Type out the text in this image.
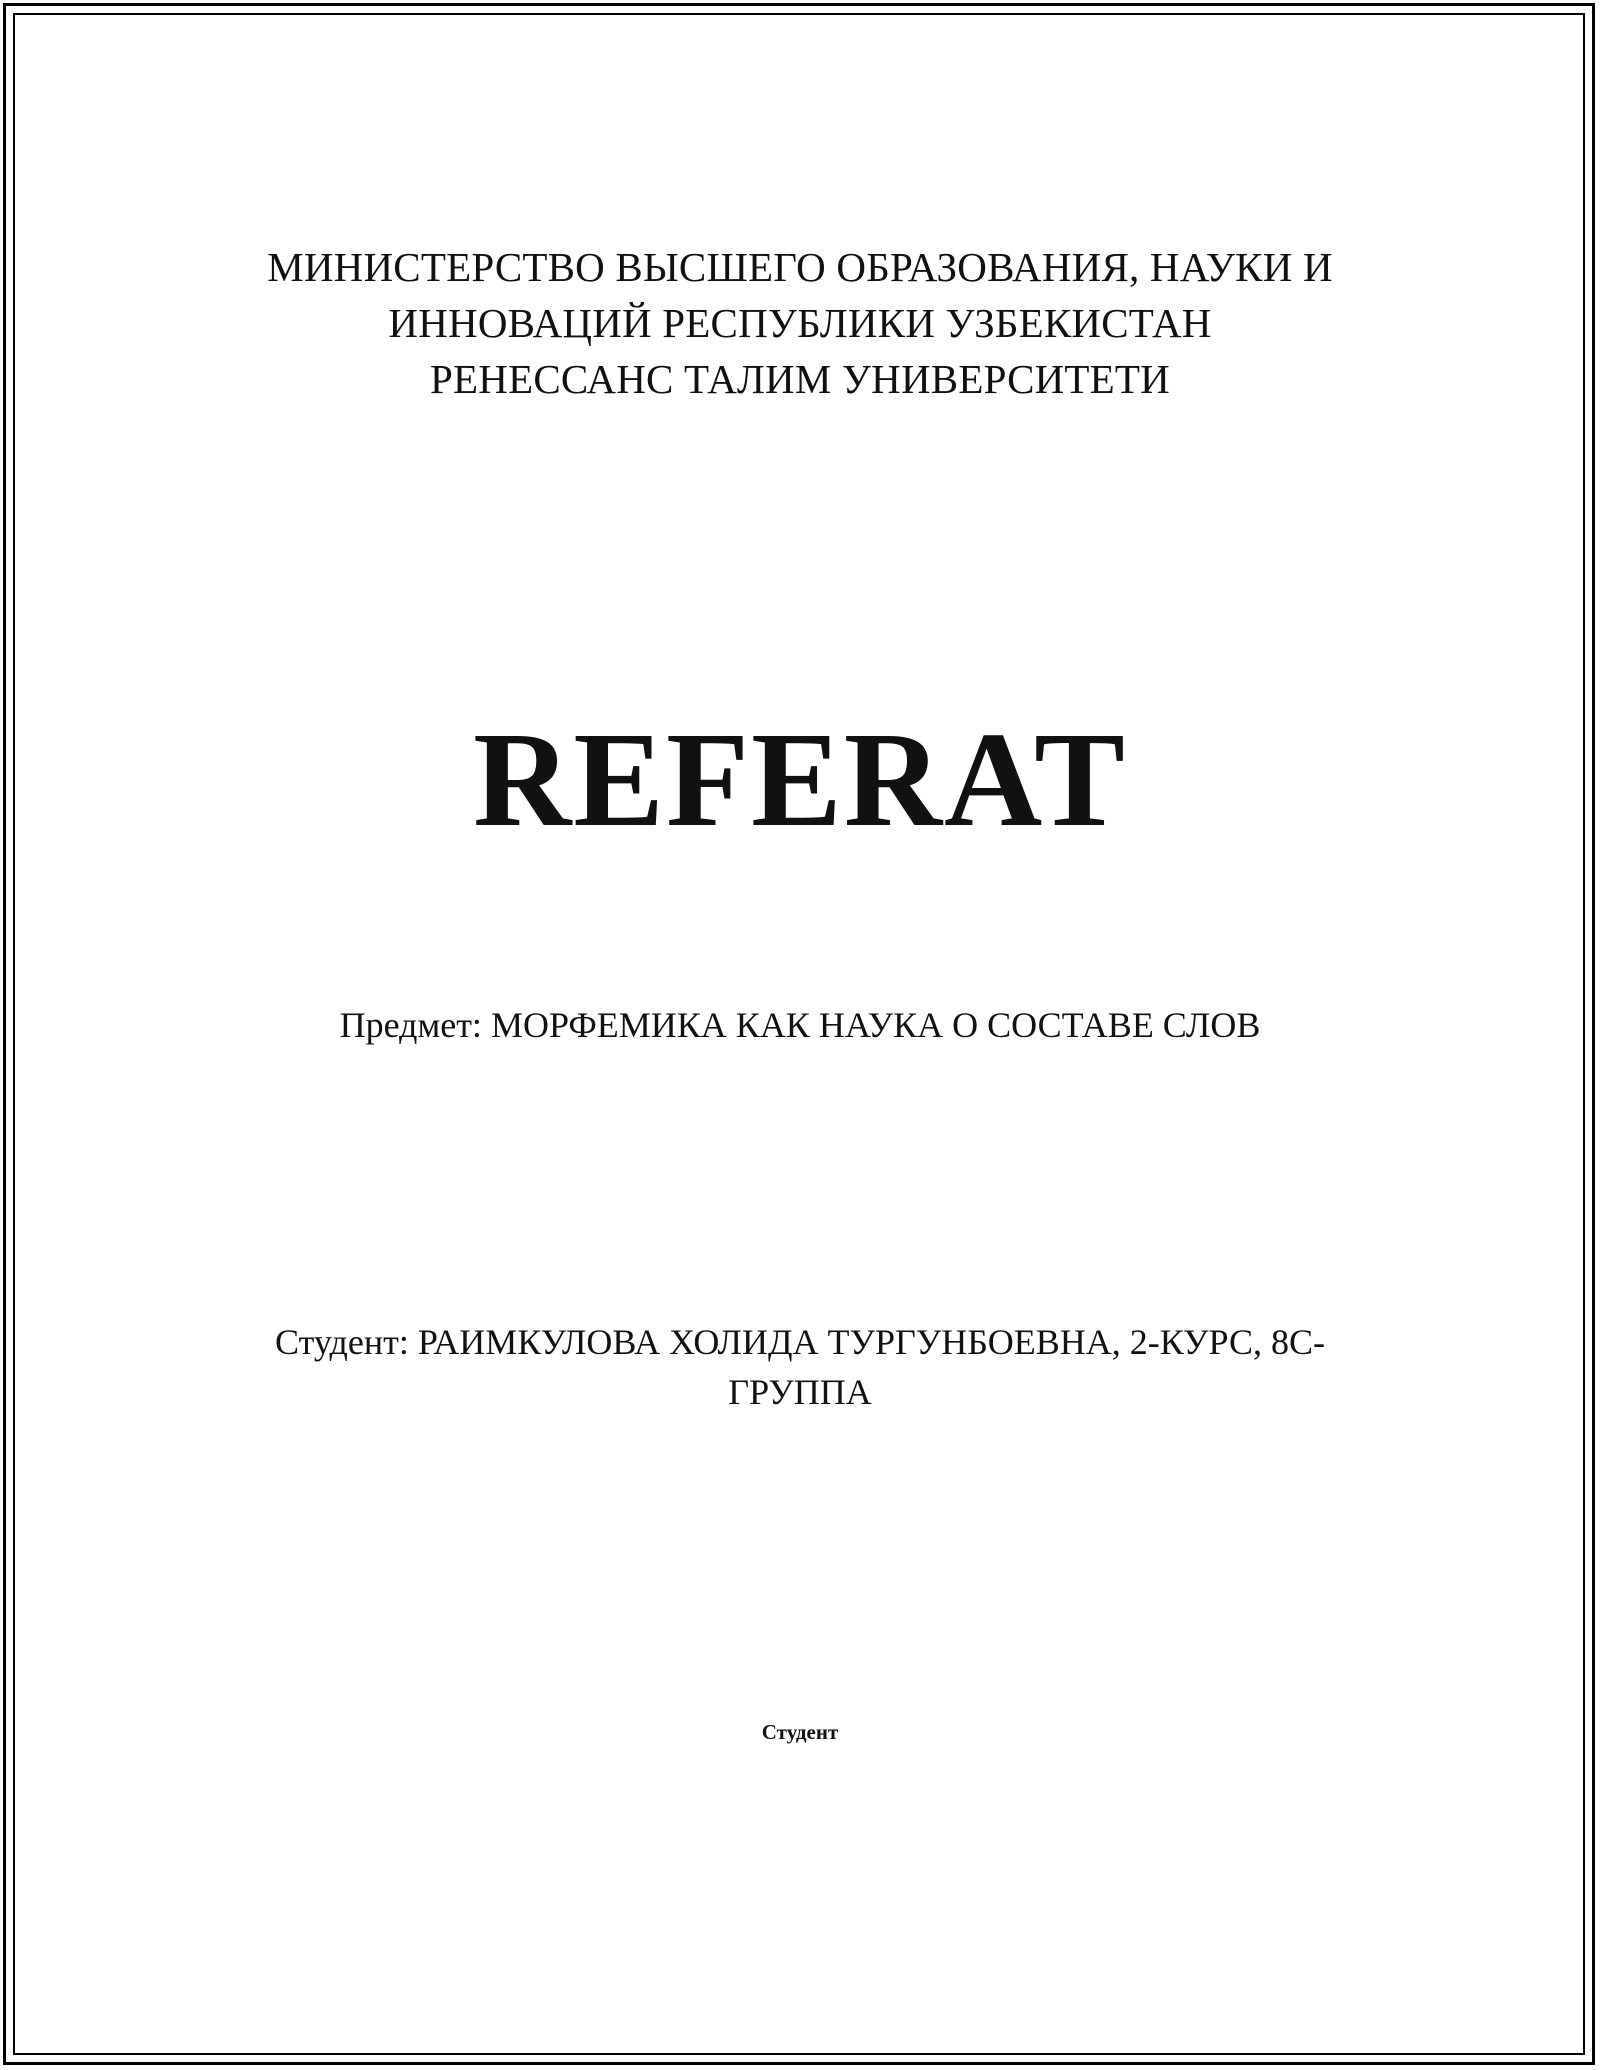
МИНИСТЕРСТВО ВЫСШЕГО ОБРАЗОВАНИЯ, НАУКИ И
ИННОВАЦИЙ РЕСПУБЛИКИ УЗБЕКИСТАН
РЕНЕССАНС ТАЛИМ УНИВЕРСИТЕТИ
REFERAT
Предмет: МОРФЕМИКА КАК НАУКА О СОСТАВЕ СЛОВ
Студент: РАИМКУЛОВА ХОЛИДА ТУРГУНБОЕВНА, 2-КУРС, 8С-
ГРУППА
Студент
